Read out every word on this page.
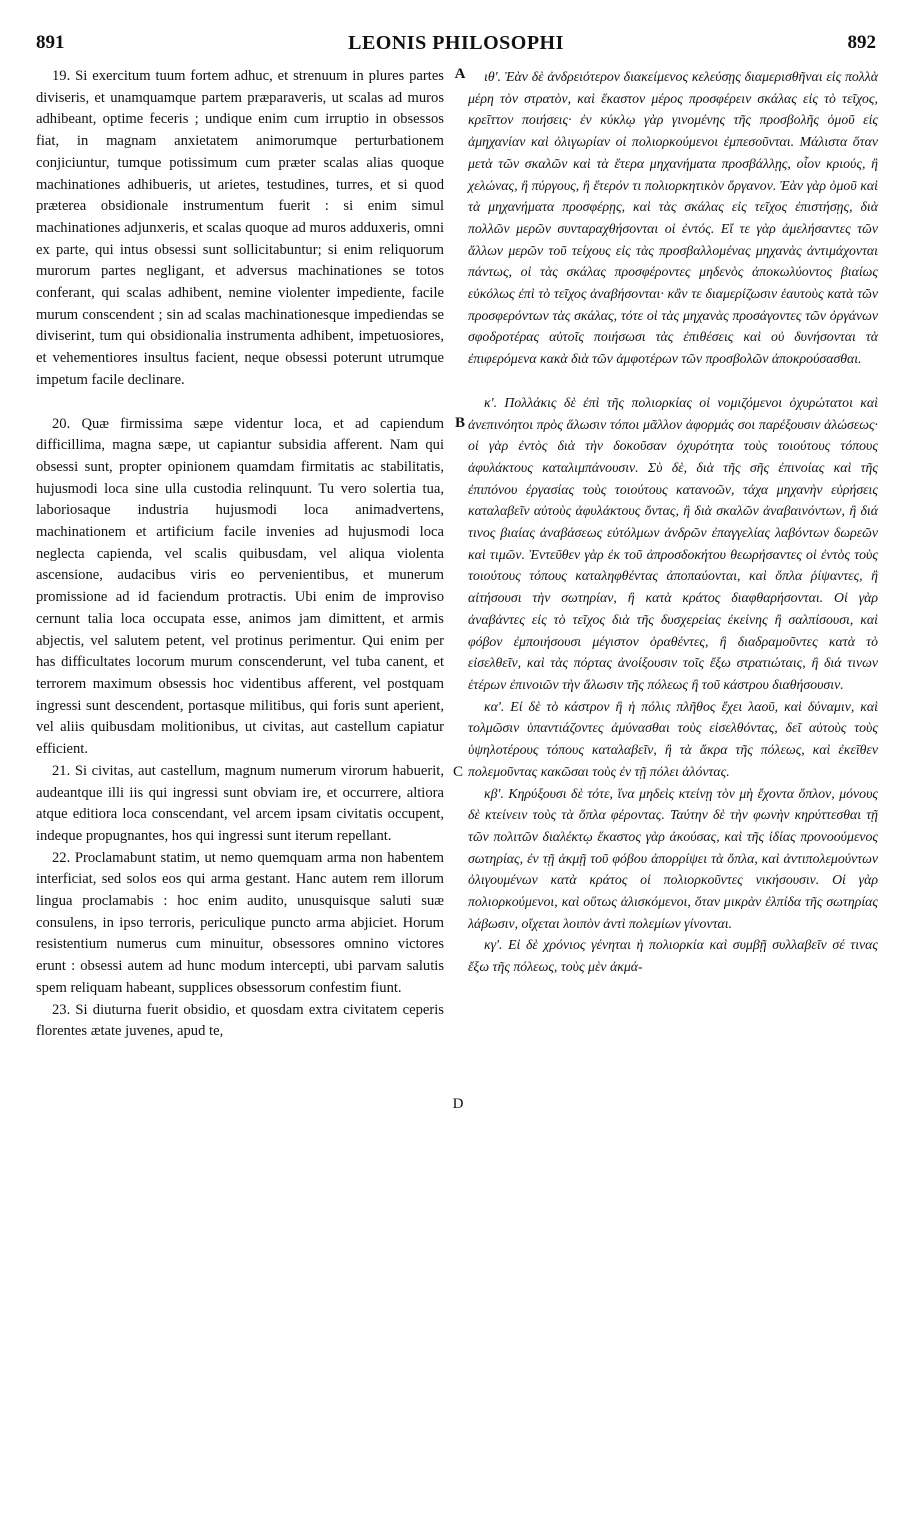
891	LEONIS PHILOSOPHI	892
A
B
C
D

19. Si exercitum tuum fortem adhuc, et strenuum in plures partes diviseris, et unamquamque partem præparaveris, ut scalas ad muros adhibeant, optime feceris ; undique enim cum irruptio in obsessos fiat, in magnam anxietatem animorumque perturbationem conjiciuntur, tumque potissimum cum præter scalas alias quoque machinationes adhibueris, ut arietes, testudines, turres, et si quod præterea obsidionale instrumentum fuerit : si enim simul machinationes adjunxeris, et scalas quoque ad muros adduxeris, omni ex parte, qui intus obsessi sunt sollicitabuntur; si enim reliquorum murorum partes negligant, et adversus machinationes se totos conferant, qui scalas adhibent, nemine violenter impediente, facile murum conscendent ; sin ad scalas machinationesque impediendas se diviserint, tum qui obsidionalia instrumenta adhibent, impetuosiores, et vehementiores insultus facient, neque obsessi poterunt utrumque impetum facile declinare.

20. Quæ firmissima sæpe videntur loca, et ad capiendum difficillima, magna sæpe, ut capiantur subsidia afferent. Nam qui obsessi sunt, propter opinionem quamdam firmitatis ac stabilitatis, hujusmodi loca sine ulla custodia relinquunt. Tu vero solertia tua, laboriosaque industria hujusmodi loca animadvertens, machinationem et artificium facile invenies ad hujusmodi loca neglecta capienda, vel scalis quibusdam, vel aliqua violenta ascensione, audacibus viris eo pervenientibus, et munerum promissione ad id faciendum protractis. Ubi enim de improviso cernunt talia loca occupata esse, animos jam dimittent, et armis abjectis, vel salutem petent, vel protinus perimentur. Qui enim per has difficultates locorum murum conscenderunt, vel tuba canent, et terrorem maximum obsessis hoc videntibus afferent, vel postquam ingressi sunt descendent, portasque militibus, qui foris sunt aperient, vel aliis quibusdam molitionibus, ut civitas, aut castellum capiatur efficient.

21. Si civitas, aut castellum, magnum numerum virorum habuerit, audeantque illi iis qui ingressi sunt obviam ire, et occurrere, altiora atque editiora loca conscendant, vel arcem ipsam civitatis occupent, indeque propugnantes, hos qui ingressi sunt iterum repellant.

22. Proclamabunt statim, ut nemo quemquam arma non habentem interficiat, sed solos eos qui arma gestant. Hanc autem rem illorum lingua proclamabis : hoc enim audito, unusquisque saluti suæ consulens, in ipso terroris, periculique puncto arma abjiciet. Horum resistentium numerus cum minuitur, obsessores omnino victores erunt : obsessi autem ad hunc modum intercepti, ubi parvam salutis spem reliquam habeant, supplices obsessorum confestim fiunt.

23. Si diuturna fuerit obsidio, et quosdam extra civitatem ceperis florentes ætate juvenes, apud te,

ιθ'. Ἐὰν δὲ ἀνδρειότερον διακείμενος κελεύσῃς διαμερισθῆναι εἰς πολλὰ μέρη τὸν στρατὸν, καὶ ἕκαστον μέρος προσφέρειν σκάλας εἰς τὸ τεῖχος, κρεῖττον ποιήσεις· ἐν κύκλῳ γὰρ γινομένης τῆς προσβολῆς ὁμοῦ εἰς ἀμηχανίαν καὶ ὀλιγωρίαν οἱ πολιορκούμενοι ἐμπεσοῦνται. Μάλιστα ὅταν μετὰ τῶν σκαλῶν καὶ τὰ ἕτερα μηχανήματα προσβάλλῃς, οἷον κριούς, ἢ χελώνας, ἢ πύργους, ἢ ἕτερόν τι πολιορκητικὸν ὄργανον. Ἐὰν γὰρ ὁμοῦ καὶ τὰ μηχανήματα προσφέρῃς, καὶ τὰς σκάλας εἰς τεῖχος ἐπιστήσῃς, διὰ πολλῶν μερῶν συνταραχθήσονται οἱ ἐντός. Εἴ τε γὰρ ἀμελήσαντες τῶν ἄλλων μερῶν τοῦ τείχους εἰς τὰς προσβαλλομένας μηχανὰς ἀντιμάχονται πάντως, οἱ τὰς σκάλας προσφέροντες μηδενὸς ἀποκωλύοντος βιαίως εὐκόλως ἐπὶ τὸ τεῖχος ἀναβήσονται· κἂν τε διαμερίζωσιν ἑαυτοὺς κατὰ τῶν προσφερόντων τὰς σκάλας, τότε οἱ τὰς μηχανὰς προσάγοντες τῶν ὀργάνων σφοδροτέρας αὐτοῖς ποιήσωσι τὰς ἐπιθέσεις καὶ οὐ δυνήσονται τὰ ἐπιφερόμενα κακὰ διὰ τῶν ἀμφοτέρων τῶν προσβολῶν ἀποκρούσασθαι.

κ'. Πολλάκις δὲ ἐπὶ τῆς πολιορκίας οἱ νομιζόμενοι ὀχυρώτατοι καὶ ἀνεπινόητοι πρὸς ἅλωσιν τόποι μᾶλλον ἀφορμάς σοι παρέξουσιν ἁλώσεως· οἱ γὰρ ἐντὸς διὰ τὴν δοκοῦσαν ὀχυρότητα τοὺς τοιούτους τόπους ἀφυλάκτους καταλιμπάνουσιν. Σὺ δὲ, διὰ τῆς σῆς ἐπινοίας καὶ τῆς ἐπιπόνου ἐργασίας τοὺς τοιούτους κατανοῶν, τάχα μηχανὴν εὑρήσεις καταλαβεῖν αὐτοὺς ἀφυλάκτους ὄντας, ἢ διὰ σκαλῶν ἀναβαινόντων, ἢ διά τινος βιαίας ἀναβάσεως εὐτόλμων ἀνδρῶν ἐπαγγελίας λαβόντων δωρεῶν καὶ τιμῶν. Ἐντεῦθεν γὰρ ἐκ τοῦ ἀπροσδοκήτου θεωρήσαντες οἱ ἐντὸς τοὺς τοιούτους τόπους καταληφθέντας ἀποπαύονται, καὶ ὅπλα ῥίψαντες, ἢ αἰτήσουσι τὴν σωτηρίαν, ἢ κατὰ κράτος διαφθαρήσονται. Οἱ γὰρ ἀναβάντες εἰς τὸ τεῖχος διὰ τῆς δυσχερείας ἐκείνης ἢ σαλπίσουσι, καὶ φόβον ἐμποιήσουσι μέγιστον ὁραθέντες, ἢ διαδραμοῦντες κατὰ τὸ εἰσελθεῖν, καὶ τὰς πόρτας ἀνοίξουσιν τοῖς ἔξω στρατιώταις, ἢ διά τινων ἑτέρων ἐπινοιῶν τὴν ἅλωσιν τῆς πόλεως ἢ τοῦ κάστρου διαθήσουσιν.

κα'. Εἰ δὲ τὸ κάστρον ἢ ἡ πόλις πλῆθος ἔχει λαοῦ, καὶ δύναμιν, καὶ τολμῶσιν ὑπαντιάζοντες ἀμύνασθαι τοὺς εἰσελθόντας, δεῖ αὐτοὺς τοὺς ὑψηλοτέρους τόπους καταλαβεῖν, ἢ τὰ ἄκρα τῆς πόλεως, καὶ ἐκεῖθεν πολεμοῦντας κακῶσαι τοὺς ἐν τῇ πόλει ἀλόντας.

κβ'. Κηρύξουσι δὲ τότε, ἵνα μηδεὶς κτείνῃ τὸν μὴ ἔχοντα ὅπλον, μόνους δὲ κτείνειν τοὺς τὰ ὅπλα φέροντας. Ταύτην δὲ τὴν φωνὴν κηρύττεσθαι τῇ τῶν πολιτῶν διαλέκτῳ ἕκαστος γὰρ ἀκούσας, καὶ τῆς ἰδίας προνοούμενος σωτηρίας, ἐν τῇ ἀκμῇ τοῦ φόβου ἀπορρίψει τὰ ὅπλα, καὶ ἀντιπολεμούντων ὀλιγουμένων κατὰ κράτος οἱ πολιορκοῦντες νικήσουσιν. Οἱ γὰρ πολιορκούμενοι, καὶ οὕτως ἁλισκόμενοι, ὅταν μικρὰν ἐλπίδα τῆς σωτηρίας λάβωσιν, οἴχεται λοιπὸν ἀντὶ πολεμίων γίνονται.

κγ'. Εἰ δὲ χρόνιος γένηται ἡ πολιορκία καὶ συμβῇ συλλαβεῖν σέ τινας ἔξω τῆς πόλεως, τοὺς μὲν ἀκμά-
